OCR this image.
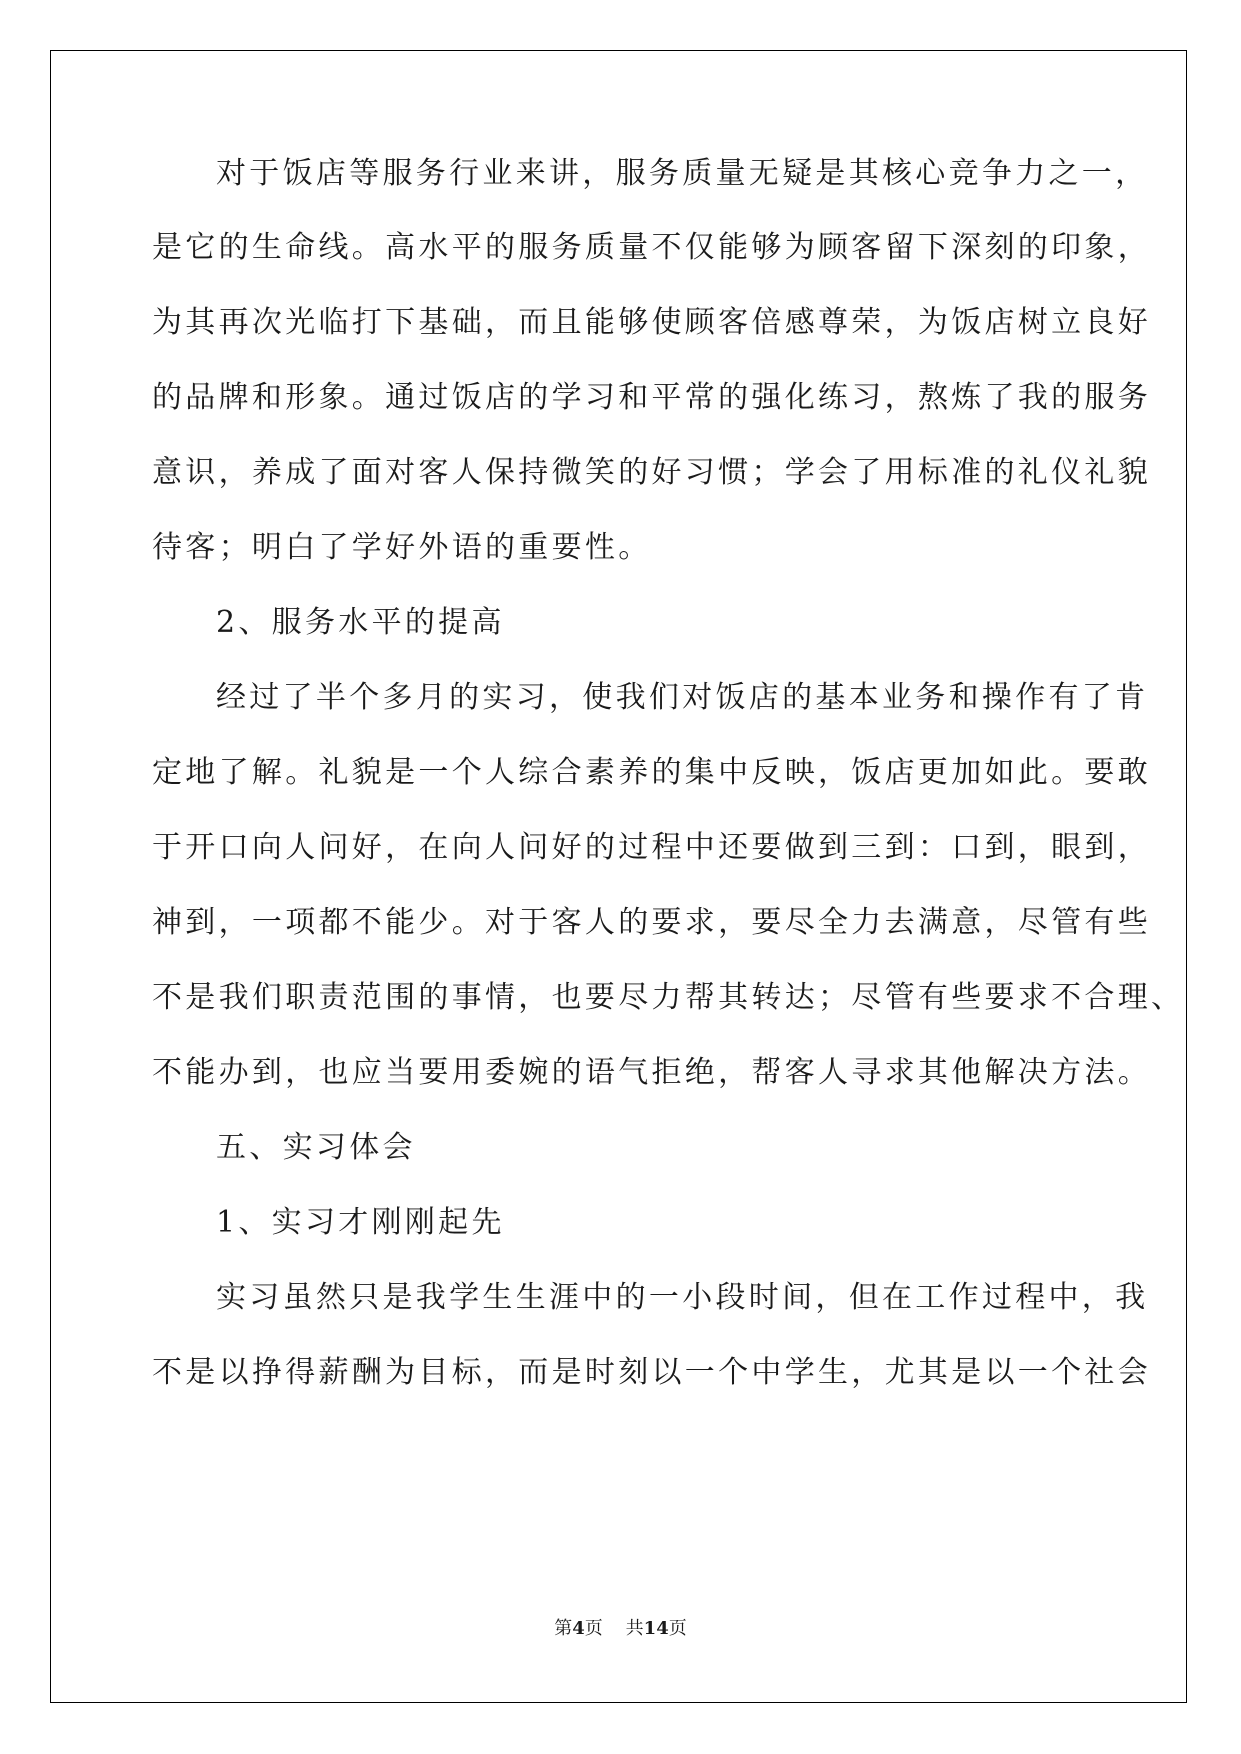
对于饭店等服务行业来讲，服务质量无疑是其核心竞争力之一，
是它的生命线。高水平的服务质量不仅能够为顾客留下深刻的印象，
为其再次光临打下基础，而且能够使顾客倍感尊荣，为饭店树立良好
的品牌和形象。通过饭店的学习和平常的强化练习，熬炼了我的服务
意识，养成了面对客人保持微笑的好习惯；学会了用标准的礼仪礼貌
待客；明白了学好外语的重要性。
2、服务水平的提高
经过了半个多月的实习，使我们对饭店的基本业务和操作有了肯
定地了解。礼貌是一个人综合素养的集中反映，饭店更加如此。要敢
于开口向人问好，在向人问好的过程中还要做到三到：口到，眼到，
神到，一项都不能少。对于客人的要求，要尽全力去满意，尽管有些
不是我们职责范围的事情，也要尽力帮其转达；尽管有些要求不合理、
不能办到，也应当要用委婉的语气拒绝，帮客人寻求其他解决方法。
五、实习体会
1、实习才刚刚起先
实习虽然只是我学生生涯中的一小段时间，但在工作过程中，我
不是以挣得薪酬为目标，而是时刻以一个中学生，尤其是以一个社会
第4页 共14页
